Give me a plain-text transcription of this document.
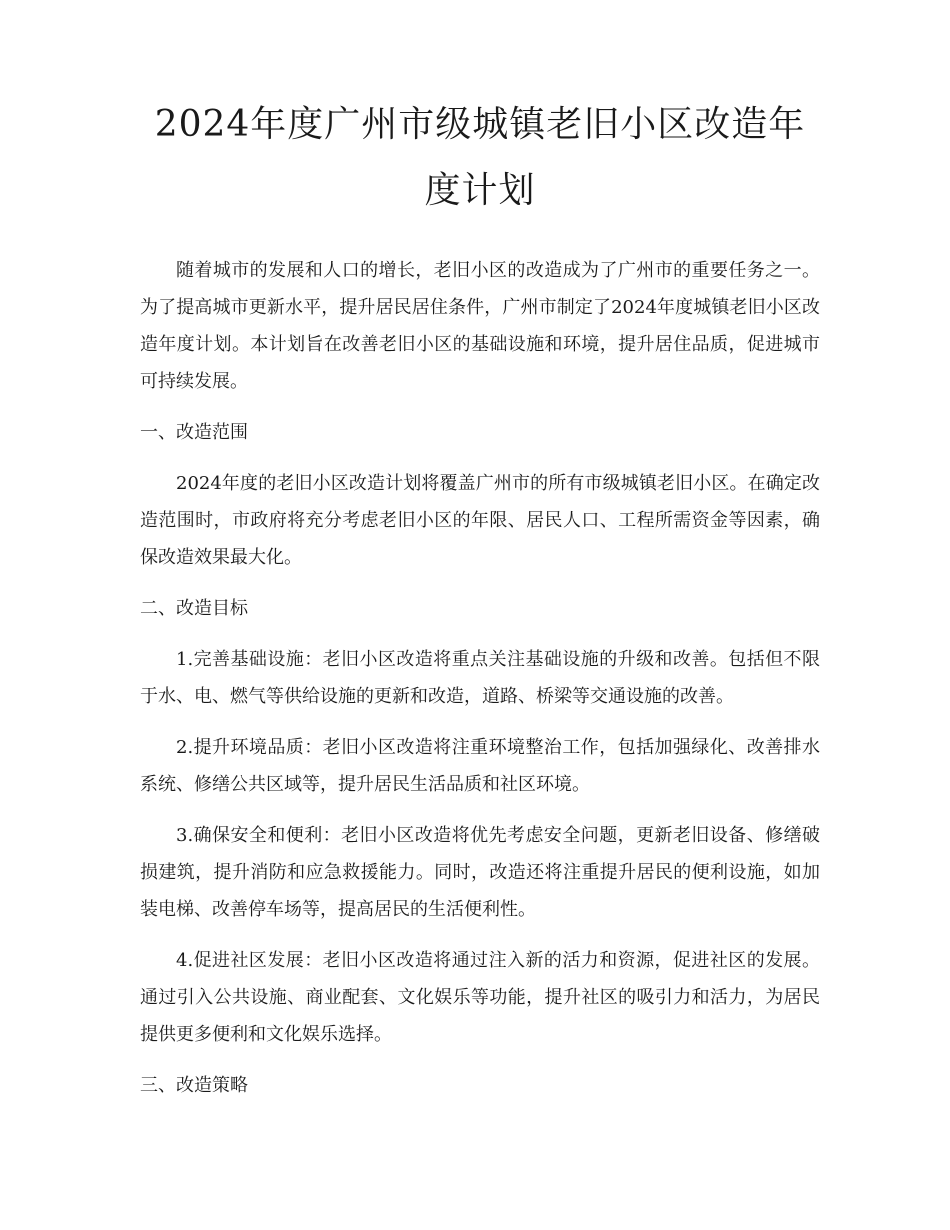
2024年度广州市级城镇老旧小区改造年度计划

随着城市的发展和人口的增长，老旧小区的改造成为了广州市的重要任务之一。为了提高城市更新水平，提升居民居住条件，广州市制定了2024年度城镇老旧小区改造年度计划。本计划旨在改善老旧小区的基础设施和环境，提升居住品质，促进城市可持续发展。

一、改造范围

2024年度的老旧小区改造计划将覆盖广州市的所有市级城镇老旧小区。在确定改造范围时，市政府将充分考虑老旧小区的年限、居民人口、工程所需资金等因素，确保改造效果最大化。

二、改造目标

1.完善基础设施：老旧小区改造将重点关注基础设施的升级和改善。包括但不限于水、电、燃气等供给设施的更新和改造，道路、桥梁等交通设施的改善。

2.提升环境品质：老旧小区改造将注重环境整治工作，包括加强绿化、改善排水系统、修缮公共区域等，提升居民生活品质和社区环境。

3.确保安全和便利：老旧小区改造将优先考虑安全问题，更新老旧设备、修缮破损建筑，提升消防和应急救援能力。同时，改造还将注重提升居民的便利设施，如加装电梯、改善停车场等，提高居民的生活便利性。

4.促进社区发展：老旧小区改造将通过注入新的活力和资源，促进社区的发展。通过引入公共设施、商业配套、文化娱乐等功能，提升社区的吸引力和活力，为居民提供更多便利和文化娱乐选择。

三、改造策略
